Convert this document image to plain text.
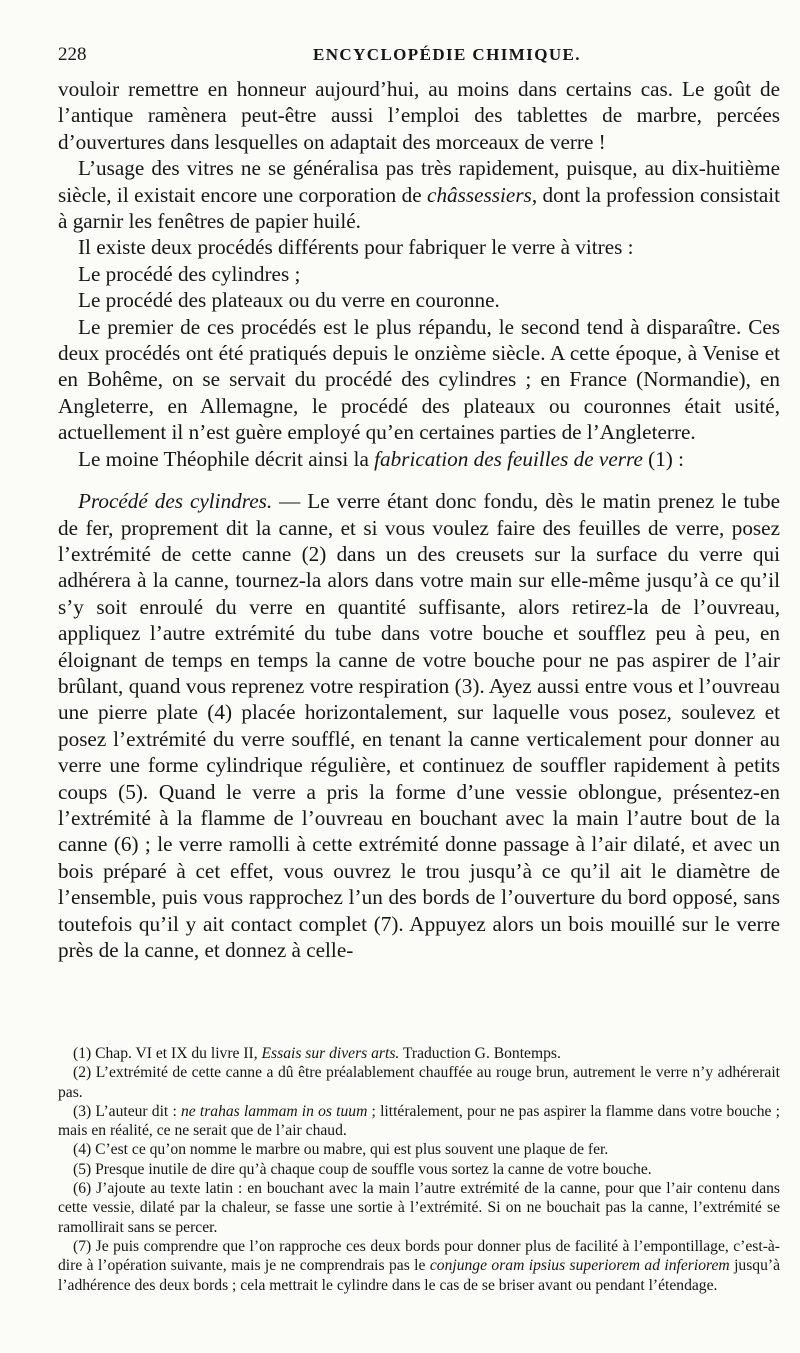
228	ENCYCLOPÉDIE CHIMIQUE.

vouloir remettre en honneur aujourd’hui, au moins dans certains cas. Le goût de l’antique ramènera peut-être aussi l’emploi des tablettes de marbre, percées d’ouvertures dans lesquelles on adaptait des morceaux de verre !

L’usage des vitres ne se généralisa pas très rapidement, puisque, au dix-huitième siècle, il existait encore une corporation de châssessiers, dont la profession consistait à garnir les fenêtres de papier huilé.

Il existe deux procédés différents pour fabriquer le verre à vitres :

Le procédé des cylindres ;

Le procédé des plateaux ou du verre en couronne.

Le premier de ces procédés est le plus répandu, le second tend à disparaître. Ces deux procédés ont été pratiqués depuis le onzième siècle. A cette époque, à Venise et en Bohême, on se servait du procédé des cylindres ; en France (Normandie), en Angleterre, en Allemagne, le procédé des plateaux ou couronnes était usité, actuellement il n’est guère employé qu’en certaines parties de l’Angleterre.

Le moine Théophile décrit ainsi la fabrication des feuilles de verre (1) :

Procédé des cylindres. — Le verre étant donc fondu, dès le matin prenez le tube de fer, proprement dit la canne, et si vous voulez faire des feuilles de verre, posez l’extrémité de cette canne (2) dans un des creusets sur la surface du verre qui adhérera à la canne, tournez-la alors dans votre main sur elle-même jusqu’à ce qu’il s’y soit enroulé du verre en quantité suffisante, alors retirez-la de l’ouvreau, appliquez l’autre extrémité du tube dans votre bouche et soufflez peu à peu, en éloignant de temps en temps la canne de votre bouche pour ne pas aspirer de l’air brûlant, quand vous reprenez votre respiration (3). Ayez aussi entre vous et l’ouvreau une pierre plate (4) placée horizontalement, sur laquelle vous posez, soulevez et posez l’extrémité du verre soufflé, en tenant la canne verticalement pour donner au verre une forme cylindrique régulière, et continuez de souffler rapidement à petits coups (5). Quand le verre a pris la forme d’une vessie oblongue, présentez-en l’extrémité à la flamme de l’ouvreau en bouchant avec la main l’autre bout de la canne (6) ; le verre ramolli à cette extrémité donne passage à l’air dilaté, et avec un bois préparé à cet effet, vous ouvrez le trou jusqu’à ce qu’il ait le diamètre de l’ensemble, puis vous rapprochez l’un des bords de l’ouverture du bord opposé, sans toutefois qu’il y ait contact complet (7). Appuyez alors un bois mouillé sur le verre près de la canne, et donnez à celle-

(1) Chap. VI et IX du livre II, Essais sur divers arts. Traduction G. Bontemps.

(2) L’extrémité de cette canne a dû être préalablement chauffée au rouge brun, autrement le verre n’y adhérerait pas.

(3) L’auteur dit : ne trahas lammam in os tuum ; littéralement, pour ne pas aspirer la flamme dans votre bouche ; mais en réalité, ce ne serait que de l’air chaud.

(4) C’est ce qu’on nomme le marbre ou mabre, qui est plus souvent une plaque de fer.

(5) Presque inutile de dire qu’à chaque coup de souffle vous sortez la canne de votre bouche.

(6) J’ajoute au texte latin : en bouchant avec la main l’autre extrémité de la canne, pour que l’air contenu dans cette vessie, dilaté par la chaleur, se fasse une sortie à l’extrémité. Si on ne bouchait pas la canne, l’extrémité se ramollirait sans se percer.

(7) Je puis comprendre que l’on rapproche ces deux bords pour donner plus de facilité à l’empontillage, c’est-à-dire à l’opération suivante, mais je ne comprendrais pas le conjunge oram ipsius superiorem ad inferiorem jusqu’à l’adhérence des deux bords ; cela mettrait le cylindre dans le cas de se briser avant ou pendant l’étendage.
